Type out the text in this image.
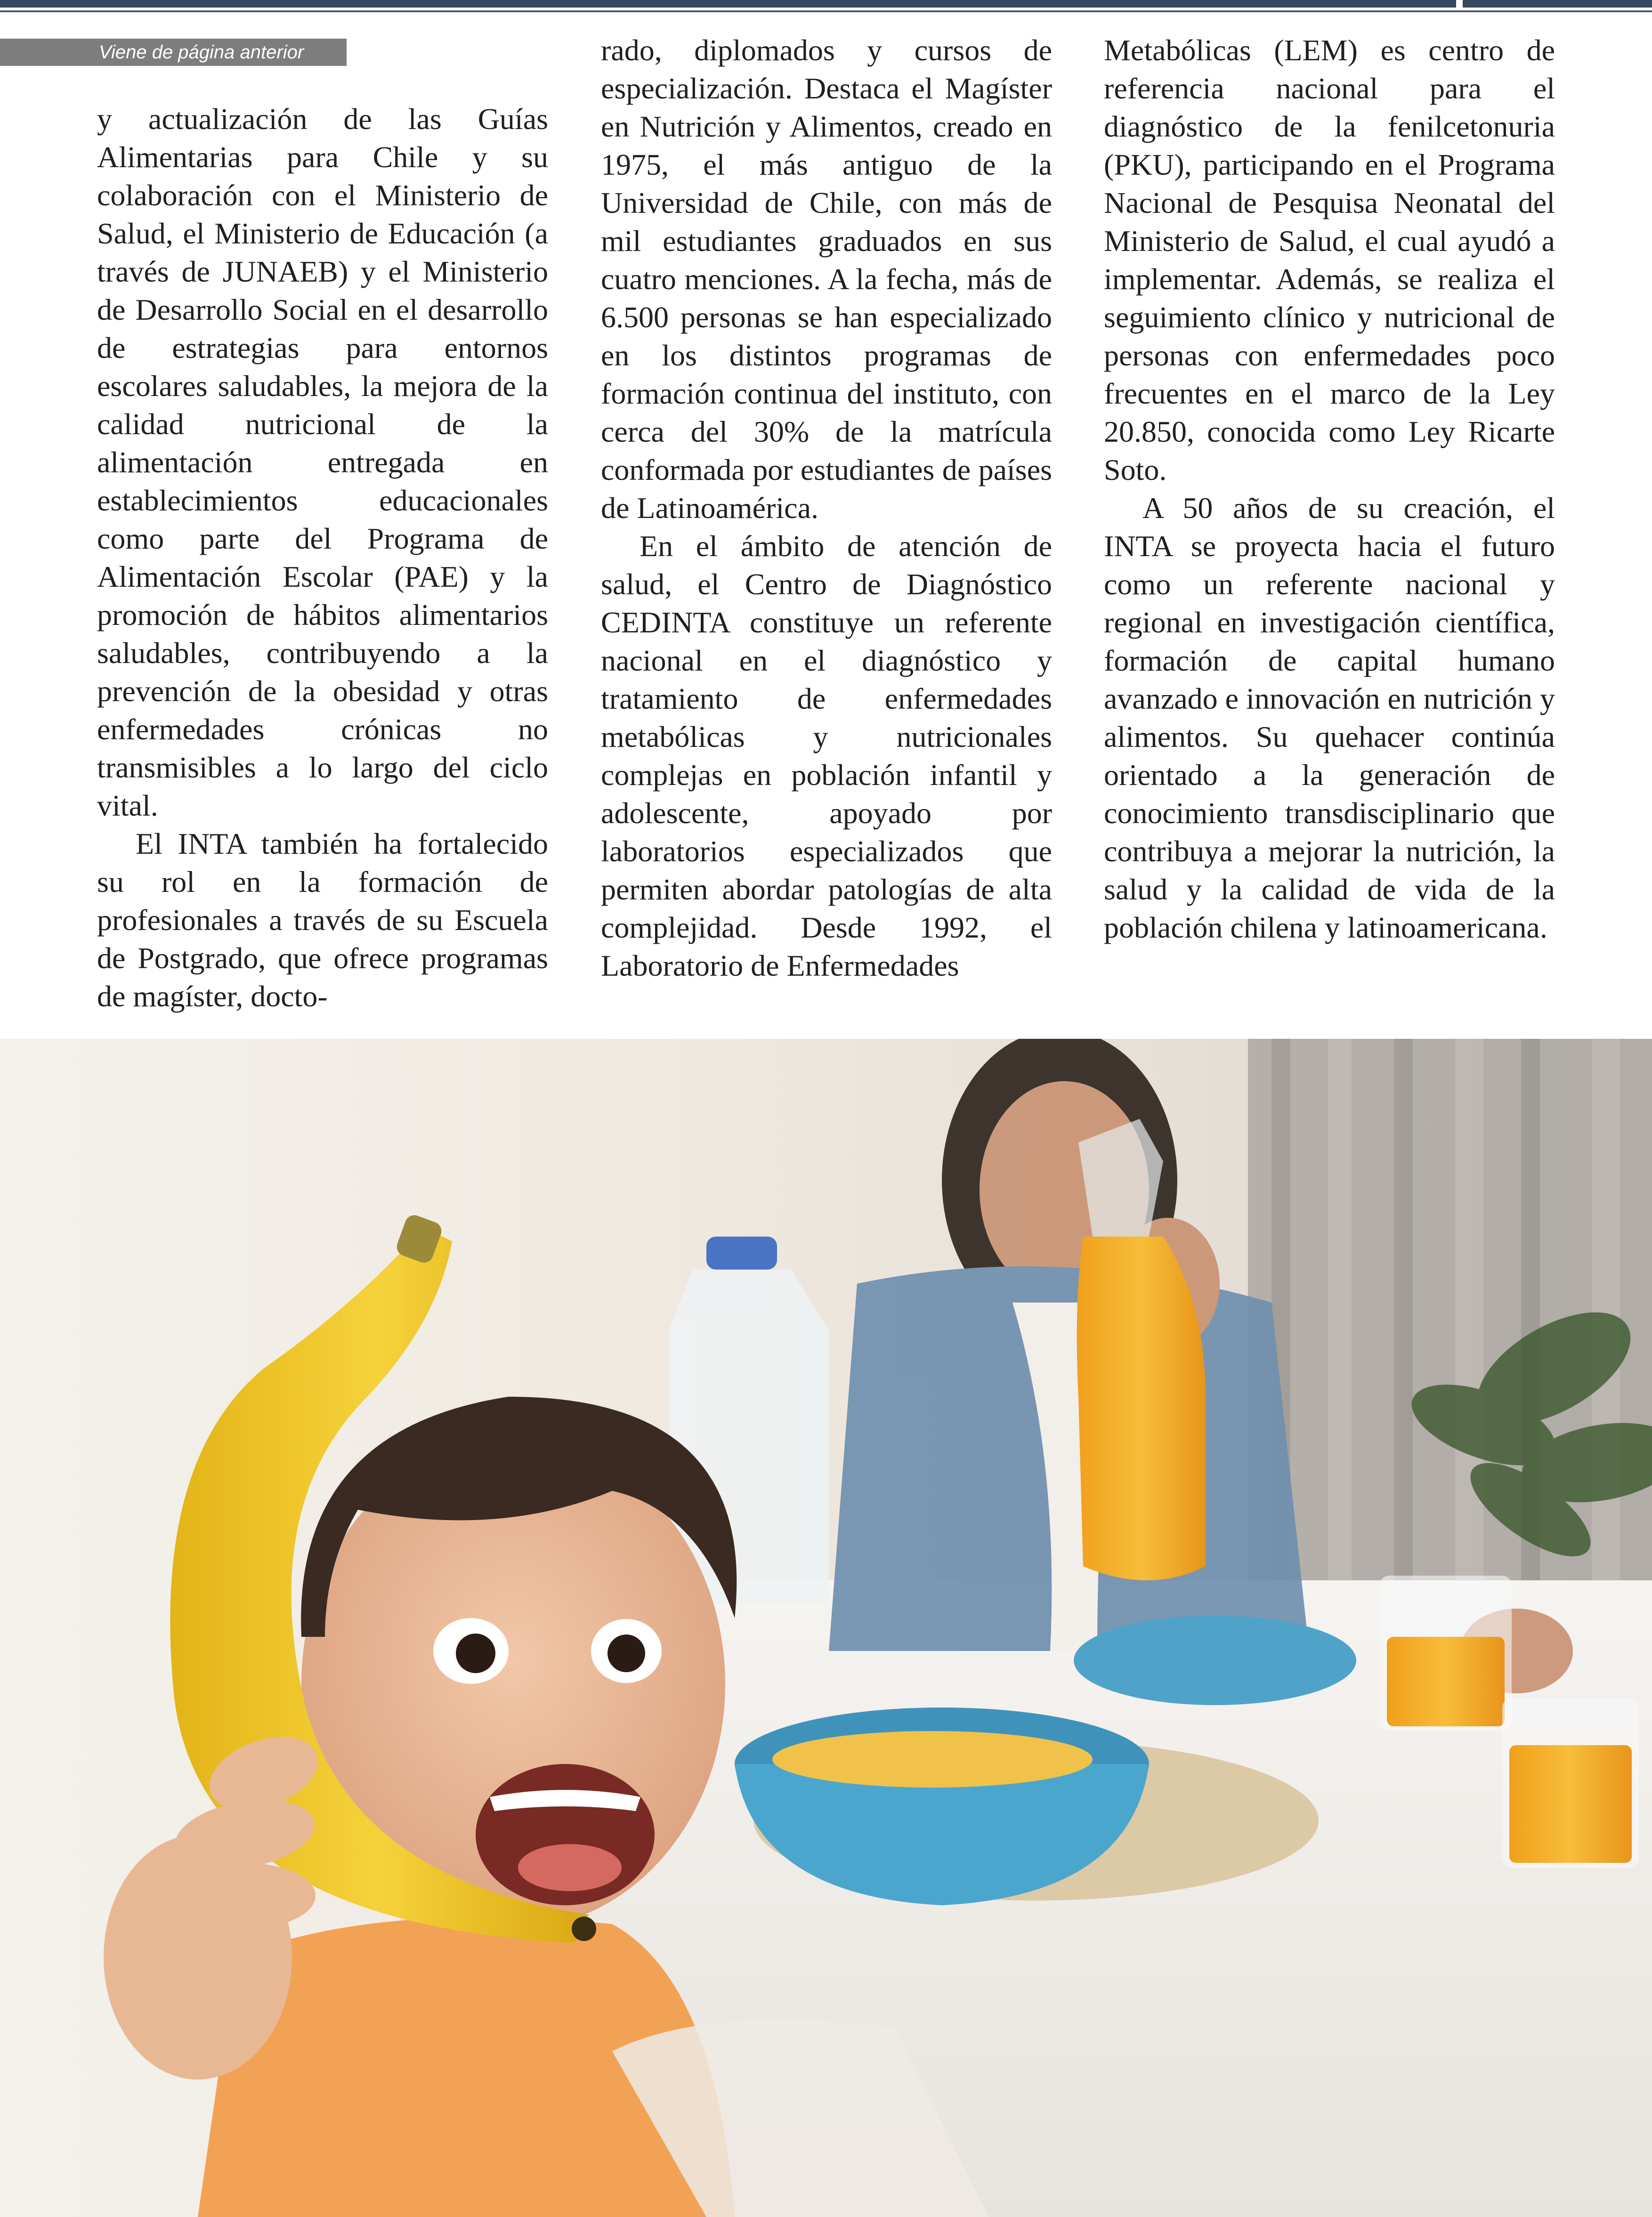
Viene de página anterior

y actualización de las Guías Alimentarias para Chile y su colaboración con el Ministerio de Salud, el Ministerio de Educación (a través de JUNAEB) y el Ministerio de Desarrollo Social en el desarrollo de estrategias para entornos escolares saludables, la mejora de la calidad nutricional de la alimentación entregada en establecimientos educacionales como parte del Programa de Alimentación Escolar (PAE) y la promoción de hábitos alimentarios saludables, contribuyendo a la prevención de la obesidad y otras enfermedades crónicas no transmisibles a lo largo del ciclo vital.

El INTA también ha fortalecido su rol en la formación de profesionales a través de su Escuela de Postgrado, que ofrece programas de magíster, docto-

rado, diplomados y cursos de especialización. Destaca el Magíster en Nutrición y Alimentos, creado en 1975, el más antiguo de la Universidad de Chile, con más de mil estudiantes graduados en sus cuatro menciones. A la fecha, más de 6.500 personas se han especializado en los distintos programas de formación continua del instituto, con cerca del 30% de la matrícula conformada por estudiantes de países de Latinoamérica.

En el ámbito de atención de salud, el Centro de Diagnóstico CEDINTA constituye un referente nacional en el diagnóstico y tratamiento de enfermedades metabólicas y nutricionales complejas en población infantil y adolescente, apoyado por laboratorios especializados que permiten abordar patologías de alta complejidad. Desde 1992, el Laboratorio de Enfermedades

Metabólicas (LEM) es centro de referencia nacional para el diagnóstico de la fenilcetonuria (PKU), participando en el Programa Nacional de Pesquisa Neonatal del Ministerio de Salud, el cual ayudó a implementar. Además, se realiza el seguimiento clínico y nutricional de personas con enfermedades poco frecuentes en el marco de la Ley 20.850, conocida como Ley Ricarte Soto.

A 50 años de su creación, el INTA se proyecta hacia el futuro como un referente nacional y regional en investigación científica, formación de capital humano avanzado e innovación en nutrición y alimentos. Su quehacer continúa orientado a la generación de conocimiento transdisciplinario que contribuya a mejorar la nutrición, la salud y la calidad de vida de la población chilena y latinoamericana.
